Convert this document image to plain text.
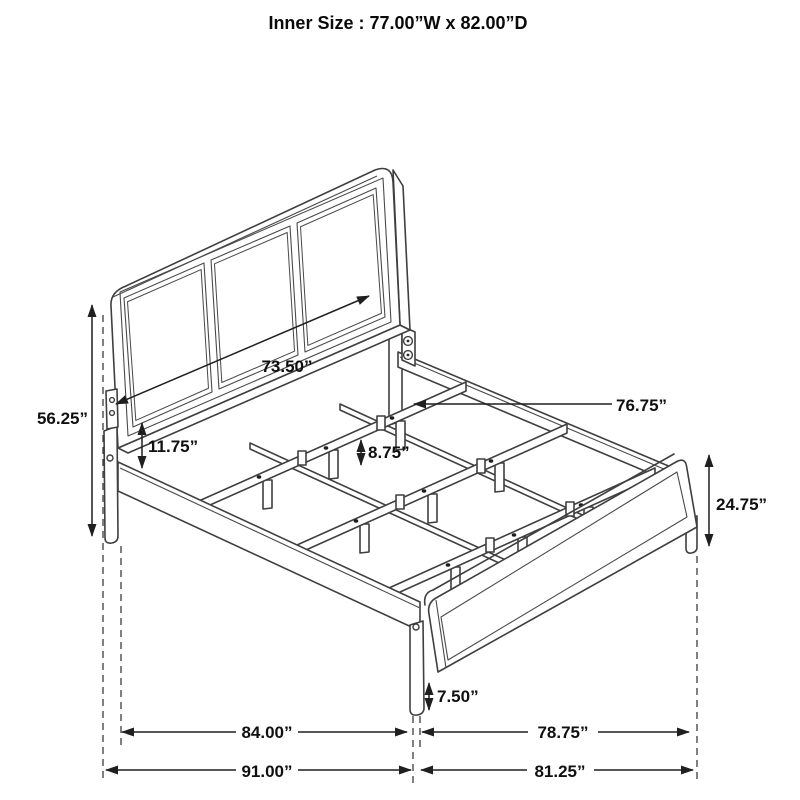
Inner Size : 77.00”W x 82.00”D
56.25”
11.75”
73.50”
8.75”
76.75”
24.75”
7.50”
84.00”	78.75”
91.00”	81.25”
